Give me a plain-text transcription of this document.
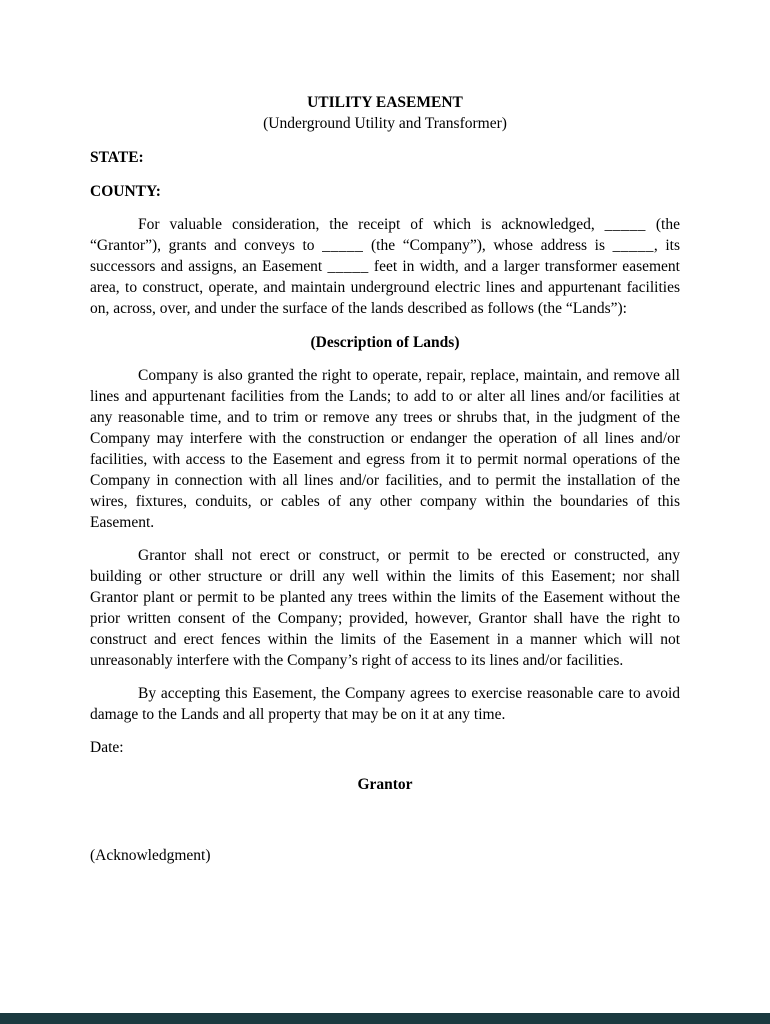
UTILITY EASEMENT
(Underground Utility and Transformer)
STATE:
COUNTY:

For valuable consideration, the receipt of which is acknowledged, _____ (the “Grantor”), grants and conveys to _____ (the “Company”), whose address is _____, its successors and assigns, an Easement _____ feet in width, and a larger transformer easement area, to construct, operate, and maintain underground electric lines and appurtenant facilities on, across, over, and under the surface of the lands described as follows (the “Lands”):

(Description of Lands)

Company is also granted the right to operate, repair, replace, maintain, and remove all lines and appurtenant facilities from the Lands; to add to or alter all lines and/or facilities at any reasonable time, and to trim or remove any trees or shrubs that, in the judgment of the Company may interfere with the construction or endanger the operation of all lines and/or facilities, with access to the Easement and egress from it to permit normal operations of the Company in connection with all lines and/or facilities, and to permit the installation of the wires, fixtures, conduits, or cables of any other company within the boundaries of this Easement.

Grantor shall not erect or construct, or permit to be erected or constructed, any building or other structure or drill any well within the limits of this Easement; nor shall Grantor plant or permit to be planted any trees within the limits of the Easement without the prior written consent of the Company; provided, however, Grantor shall have the right to construct and erect fences within the limits of the Easement in a manner which will not unreasonably interfere with the Company’s right of access to its lines and/or facilities.

By accepting this Easement, the Company agrees to exercise reasonable care to avoid damage to the Lands and all property that may be on it at any time.

Date:
Grantor
(Acknowledgment)
